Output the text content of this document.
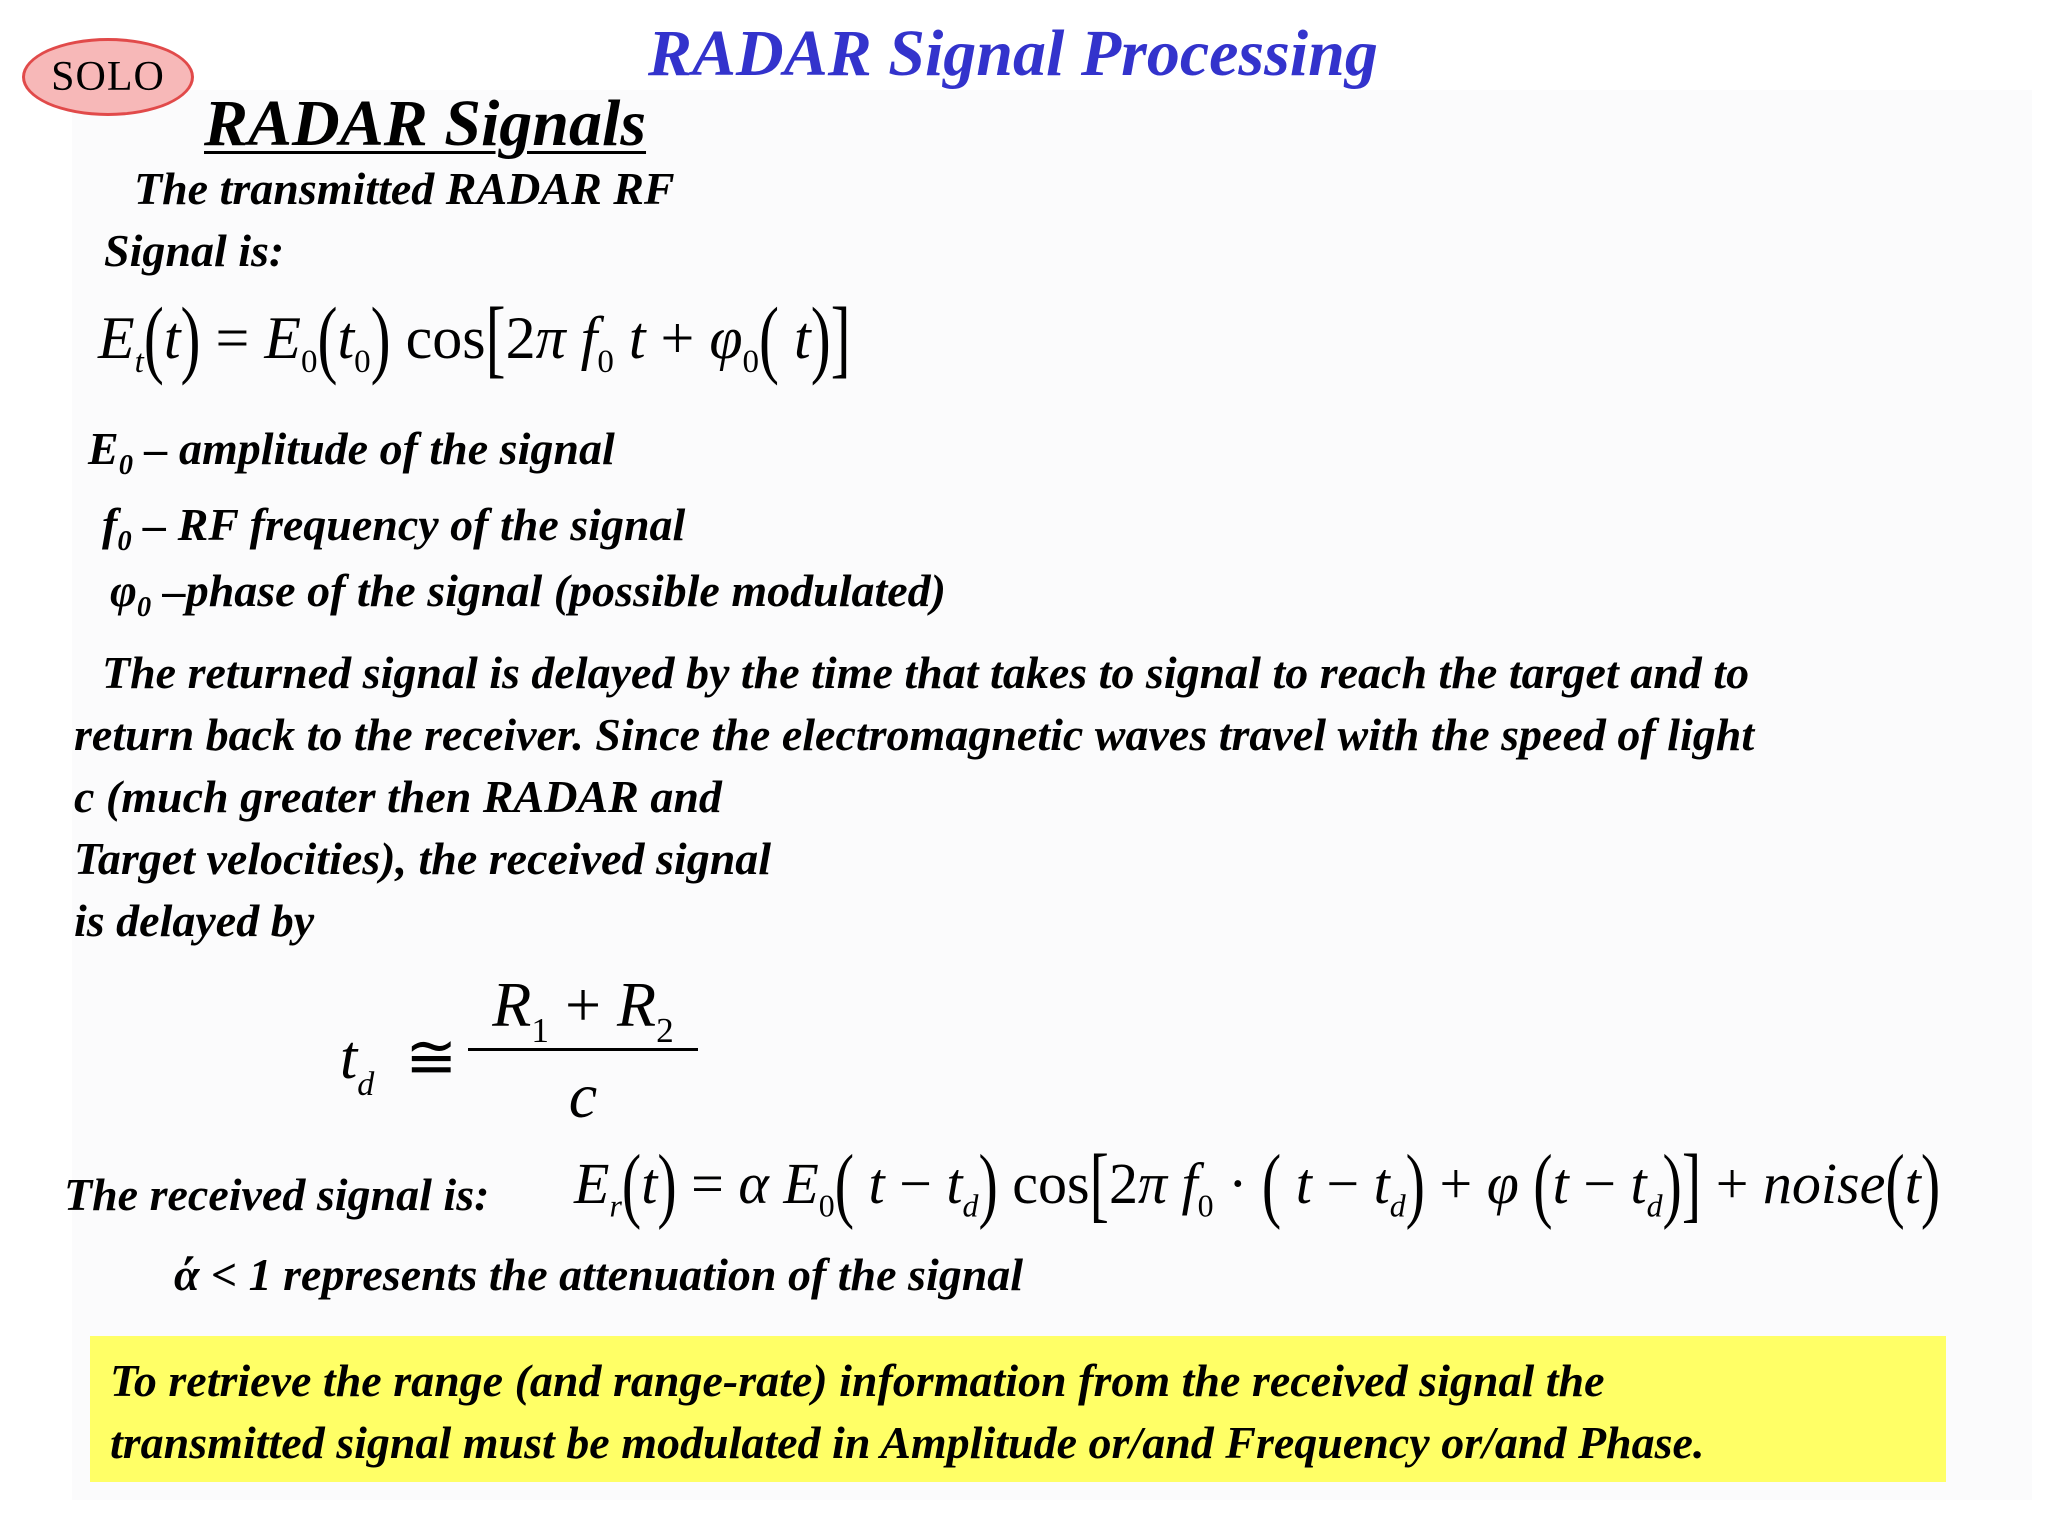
SOLO	RADAR Signal Processing
RADAR Signals

The transmitted RADAR RF

Signal is:

$E_t(t) = E_0(t_0)$ cos[2π $f_0$ $t + \varphi_0$( t)]

$E_0$ – amplitude of the signal

$f_0$ – RF frequency of the signal

$\varphi_0$ –phase of the signal (possible modulated)

The returned signal is delayed by the time that takes to signal to reach the target and to

return back to the receiver. Since the electromagnetic waves travel with the speed of light

c (much greater then RADAR and

Target velocities), the received signal

is delayed by

$t_d$  ≅
$R_1 + R_2$
c

The received signal is: $E_r(t) = \alpha$ $E_0$( $t - t_d$) cos[2π $f_0$ · ( $t - t_d) + \varphi$ $(t - t_d)$] + noise(t)

ά < 1 represents the attenuation of the signal

To retrieve the range (and range-rate) information from the received signal the

transmitted signal must be modulated in Amplitude or/and Frequency or/and Phase.
